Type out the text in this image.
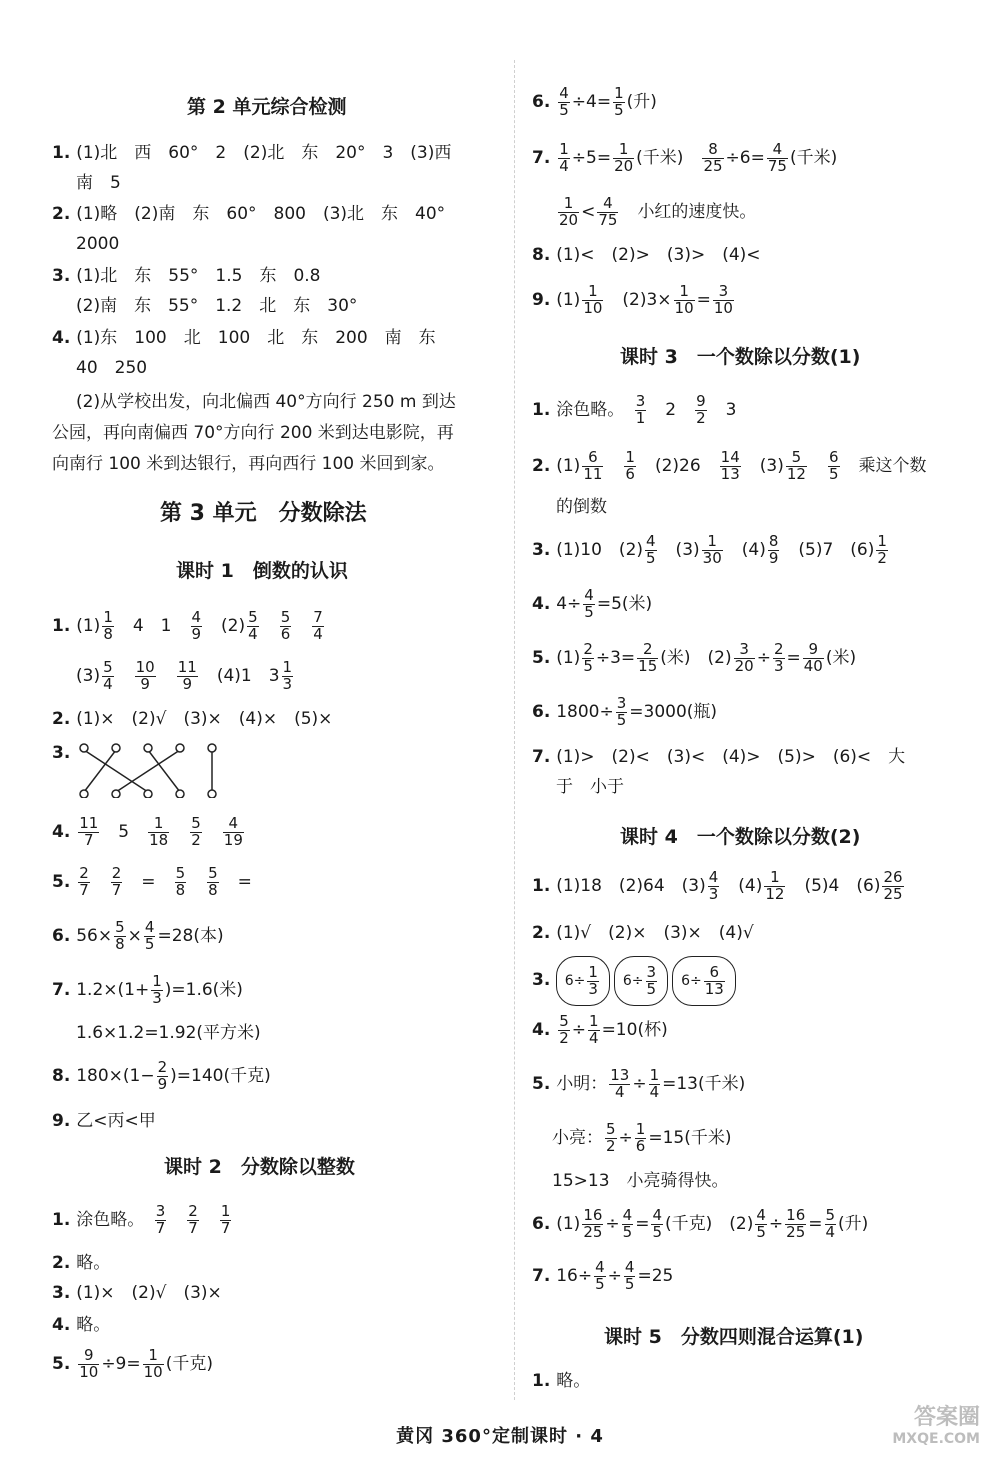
第 2 单元综合检测
1. (1)北　西　60°　2　(2)北　东　20°　3　(3)西
南　5
2. (1)略　(2)南　东　60°　800　(3)北　东　40°
2000
3. (1)北　东　55°　1.5　东　0.8
(2)南　东　55°　1.2　北　东　30°
4. (1)东　100　北　100　北　东　200　南　东
40　250
(2)从学校出发，向北偏西 40°方向行 250 m 到达
公园，再向南偏西 70°方向行 200 米到达电影院，再
向南行 100 米到达银行，再向西行 100 米回到家。
第 3 单元　分数除法
课时 1　倒数的认识
1. $(1) \frac{1}{8}$ 　4　1　 $\frac{4}{9}$ 　$(2) \frac{5}{4}$
　 $\frac{5}{6}$
　 $\frac{7}{4}$
$(3) \frac{5}{4}$
　 $\frac{10}{9}$
　 $\frac{11}{9}$ 　(4)1　$3 \frac{1}{3}$
2. (1)×　(2)√　(3)×　(4)×　(5)×
3.
4. $\frac{11}{7}$ 　5　 $\frac{1}{18}$
　 $\frac{5}{2}$
　 $\frac{4}{19}$
5. $\frac{2}{7}$
　 $\frac{2}{7}$ 　=　 $\frac{5}{8}$
　 $\frac{5}{8}$ 　=
6. $56\times \frac{5}{8} \times \frac{4}{5} =28$(本)
7. $1.2\times(1+ \frac{1}{3} )=1.6$(米)
1.6×1.2=1.92(平方米)
8. $180\times(1- \frac{2}{9} )=140$(千克)
9. 乙<丙<甲
课时 2　分数除以整数
1. 涂色略。　 $\frac{3}{7}$
　 $\frac{2}{7}$
　 $\frac{1}{7}$
2. 略。
3. (1)×　(2)√　(3)×
4. 略。
5. $\frac{9}{10} \div 9= \frac{1}{10}$ (千克)
6. $\frac{4}{5} \div 4= \frac{1}{5}$ (升)
7. $\frac{1}{4} \div 5= \frac{1}{20}$ (千米)　 $\frac{8}{25} \div 6= \frac{4}{75}$ (千米)
$\frac{1}{20} < \frac{4}{75}$
　 小红的速度快。
8. (1)<　(2)>　(3)>　(4)<
9. $(1) \frac{1}{10}$ 　$(2)3\times \frac{1}{10} = \frac{3}{10}$
课时 3　一个数除以分数(1)
1. 涂色略。　 $\frac{3}{1}$ 　2　 $\frac{9}{2}$ 　3
2. $(1) \frac{6}{11}$
　 $\frac{1}{6}$ 　(2)26　 $\frac{14}{13}$ 　$(3) \frac{5}{12}$
　 $\frac{6}{5}$
　 乘这个数
的倒数
3. (1)10　$(2) \frac{4}{5}$ 　$(3) \frac{1}{30}$ 　$(4) \frac{8}{9}$ 　(5)7　$(6) \frac{1}{2}$
4. $4\div \frac{4}{5} =5$(米)
5. $(1) \frac{2}{5} \div 3= \frac{2}{15}$ (米)　$(2) \frac{3}{20} \div \frac{2}{3} = \frac{9}{40}$ (米)
6. $1800\div \frac{3}{5} =3000$(瓶)
7. (1)>　(2)<　(3)<　(4)>　(5)>　(6)<　大
于　小于
课时 4　一个数除以分数(2)
1. (1)18　(2)64　$(3) \frac{4}{3}$ 　$(4) \frac{1}{12}$ 　(5)4　$(6) \frac{26}{25}$
2. (1)√　(2)×　(3)×　(4)√
3. $6\div \frac{1}{3} 6\div \frac{3}{5} 6\div \frac{6}{13}$
4. $\frac{5}{2} \div \frac{1}{4} =10$(杯)
5. 小明： $\frac{13}{4} \div \frac{1}{4} =13$(千米)
小亮： $\frac{5}{2} \div \frac{1}{6} =15$(千米)
15>13　小亮骑得快。
6. $(1) \frac{16}{25} \div \frac{4}{5} = \frac{4}{5}$ (千克)　$(2) \frac{4}{5} \div \frac{16}{25} = \frac{5}{4}$ (升)
7. $16\div \frac{4}{5} \div \frac{4}{5} =25$
课时 5　分数四则混合运算(1)
1. 略。
黄冈 360°定制课时 · 4
答案圈
MXQE.COM
